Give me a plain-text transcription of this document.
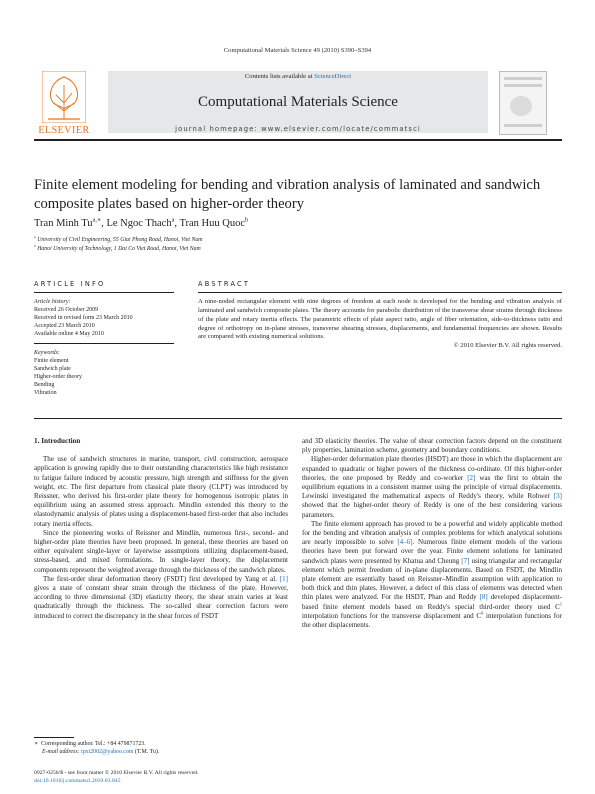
Computational Materials Science 49 (2010) S390–S394
ELSEVIER
Contents lists available at ScienceDirect
Computational Materials Science
journal homepage: www.elsevier.com/locate/commatsci
Finite element modeling for bending and vibration analysis of laminated and sandwich composite plates based on higher-order theory
Tran Minh $Tu^{a,∗}$, Le Ngoc Thach$^a$, Tran Huu Quoc$^b$
$^a$ University of Civil Engineering, 55 Giai Phong Road, Hanoi, Viet Nam
$^b$ Hanoi University of Technology, 1 Dai Co Viet Road, Hanoi, Viet Nam
ARTICLE INFO	ABSTRACT
Article history:
Received 26 October 2009
Received in revised form 23 March 2010
Accepted 23 March 2010
Available online 4 May 2010
Keywords:
Finite element
Sandwich plate
Higher-order theory
Bending
Vibration
A nine-noded rectangular element with nine degrees of freedom at each node is developed for the bending and vibration analysis of laminated and sandwich composite plates. The theory accounts for parabolic distribution of the transverse shear strains through thickness of the plate and rotary inertia effects. The parametric effects of plate aspect ratio, angle of fiber orientation, side-to-thickness ratio and degree of orthotropy on in-plane stresses, transverse shearing stresses, displacements, and fundamental frequencies are shown. Results are compared with existing numerical solutions.
© 2010 Elsevier B.V. All rights reserved.
1. Introduction

The use of sandwich structures in marine, transport, civil construction, aerospace application is growing rapidly due to their outstanding characteristics like high resistance to fatigue failure induced by acoustic pressure, high strength and stiffness for the given weight, etc. The first departure from classical plate theory (CLPT) was introduced by Reissner, who derived his first-order plate theory for homogenous isotropic plates in equilibrium using an assumed stress approach. Mindlin extended this theory to the elastodynamic analysis of plates using a displacement-based first-order that also includes rotary inertia effects.

Since the pioneering works of Reissner and Mindlin, numerous first-, second- and higher-order plate theories have been proposed. In general, these theories are based on either equivalent single-layer or layerwise assumptions utilizing displacement-based, stress-based, and mixed formulations. In single-layer theory, the displacement components represent the weighted average through the thickness of the sandwich plates.

The first-order shear deformation theory (FSDT) first developed by Yang et al. [1] gives a state of constant shear strain through the thickness of the plate. However, according to three dimensional (3D) elasticity theory, the shear strain varies at least quadratically through the thickness. The so-called shear correction factors were introduced to correct the discrepancy in the shear forces of FSDT

and 3D elasticity theories. The value of shear correction factors depend on the constituent ply properties, lamination scheme, geometry and boundary conditions.

Higher-order deformation plate theories (HSDT) are those in which the displacement are expanded to quadratic or higher powers of the thickness co-ordinate. Of this higher-order theories, the one proposed by Reddy and co-worker [2] was the first to obtain the equilibrium equations in a consistent manner using the principle of virtual displacements. Lewinski investigated the mathematical aspects of Reddy's theory, while Rohwer [3] showed that the higher-order theory of Reddy is one of the best considering various parameters.

The finite element approach has proved to be a powerful and widely applicable method for the bending and vibration analysis of complex problems for which analytical solutions are nearly impossible to solve [4–6]. Numerous finite element models of the various theories have been put forward over the year. Finite element solutions for laminated sandwich plates were presented by Khatua and Cheung [7] using triangular and rectangular element which permit freedom of in-plane displacements. Based on FSDT, the Mindlin plate element are essentially based on Reissner–Mindlin assumption with application to both thick and thin plates. However, a defect of this class of elements was detected when thin plates were analyzed. For the HSDT, Phan and Reddy [8] developed displacement-based finite element models based on Reddy's special third-order theory used $C^1$ interpolation functions for the transverse displacement and $C^0$ interpolation functions for the other displacements.

∗ Corresponding author. Tel.: +84 479871723.
E-mail address: tpxt2002@yahoo.com (T.M. Tu).
0927-0256/$ - see front matter © 2010 Elsevier B.V. All rights reserved.
doi:10.1016/j.commatsci.2010.03.045
